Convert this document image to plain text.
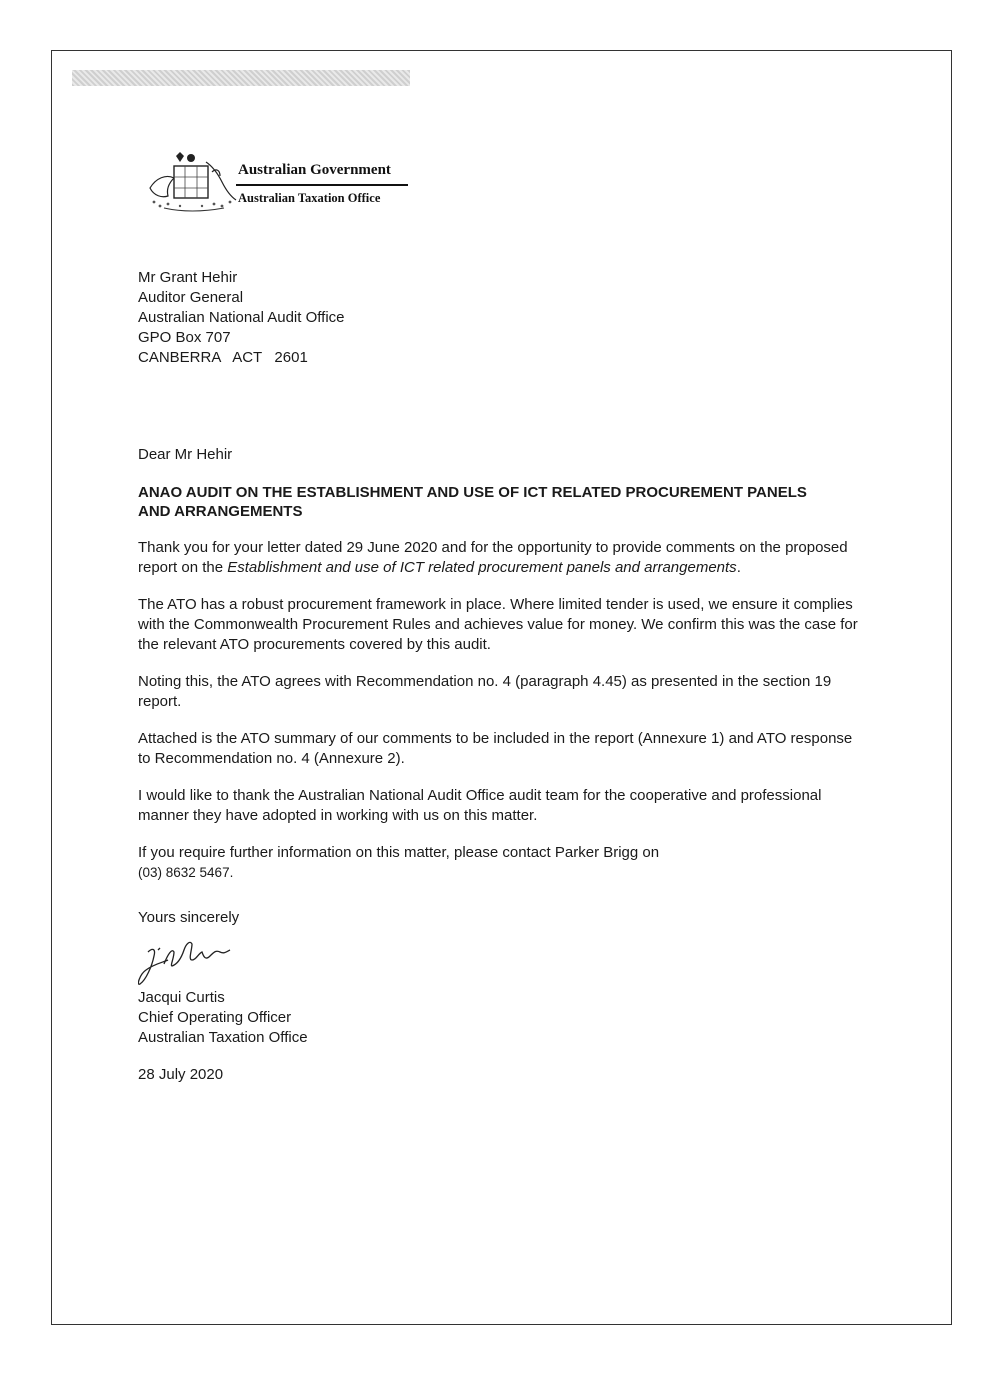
Australian Government
Australian Taxation Office
Mr Grant Hehir
Auditor General
Australian National Audit Office
GPO Box 707
CANBERRA   ACT   2601
Dear Mr Hehir
ANAO AUDIT ON THE ESTABLISHMENT AND USE OF ICT RELATED PROCUREMENT PANELS AND ARRANGEMENTS
Thank you for your letter dated 29 June 2020 and for the opportunity to provide comments on the proposed report on the Establishment and use of ICT related procurement panels and arrangements.
The ATO has a robust procurement framework in place. Where limited tender is used, we ensure it complies with the Commonwealth Procurement Rules and achieves value for money. We confirm this was the case for the relevant ATO procurements covered by this audit.
Noting this, the ATO agrees with Recommendation no. 4 (paragraph 4.45) as presented in the section 19 report.
Attached is the ATO summary of our comments to be included in the report (Annexure 1) and ATO response to Recommendation no. 4 (Annexure 2).
I would like to thank the Australian National Audit Office audit team for the cooperative and professional manner they have adopted in working with us on this matter.
If you require further information on this matter, please contact Parker Brigg on
(03) 8632 5467.
Yours sincerely
Jacqui Curtis
Chief Operating Officer
Australian Taxation Office
28 July 2020
